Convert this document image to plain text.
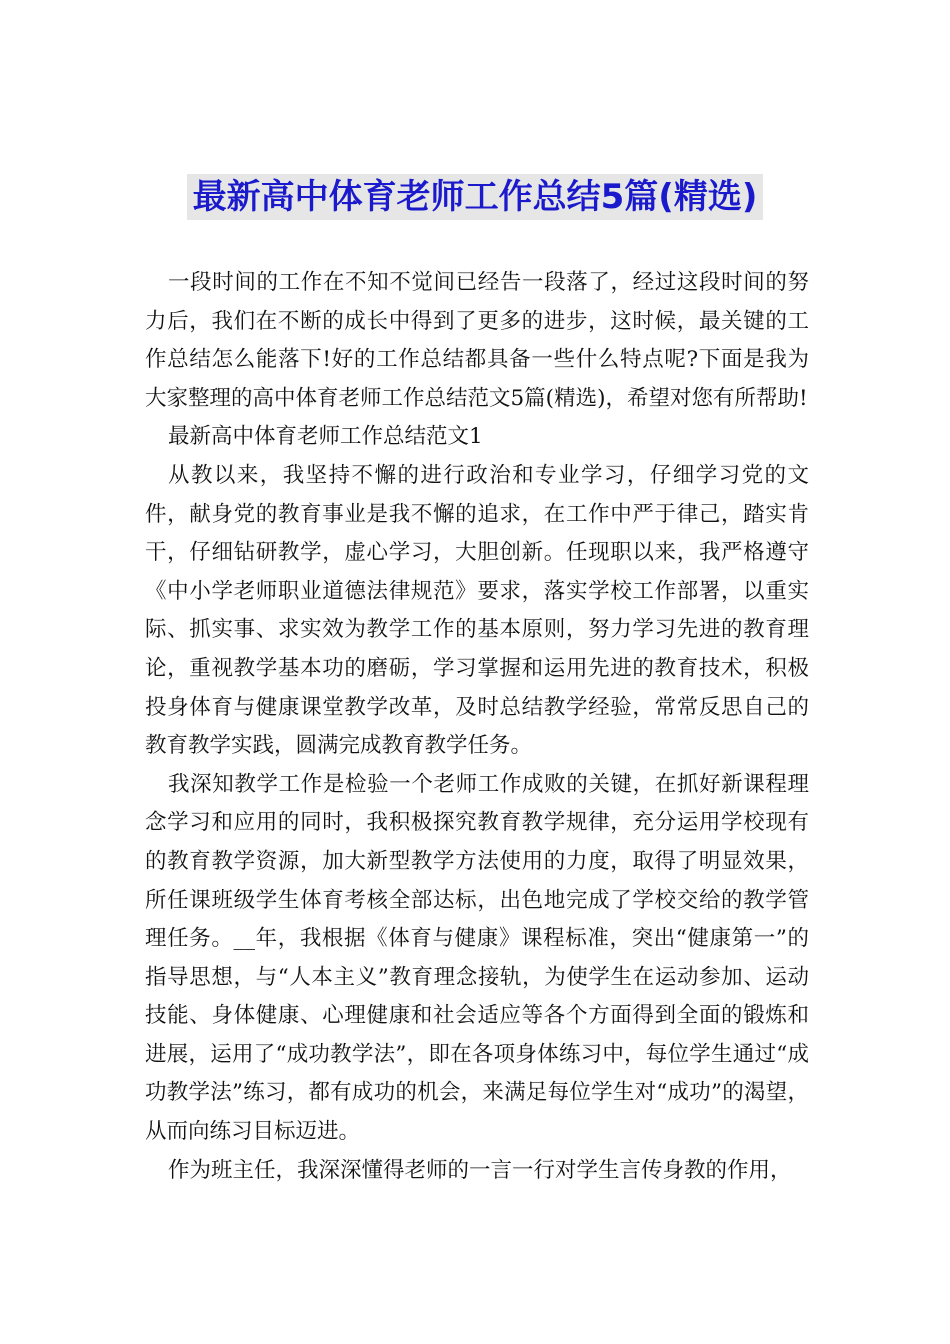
最新高中体育老师工作总结5篇(精选)

一段时间的工作在不知不觉间已经告一段落了，经过这段时间的努力后，我们在不断的成长中得到了更多的进步，这时候，最关键的工作总结怎么能落下!好的工作总结都具备一些什么特点呢?下面是我为大家整理的高中体育老师工作总结范文5篇(精选)，希望对您有所帮助!

最新高中体育老师工作总结范文1

从教以来，我坚持不懈的进行政治和专业学习，仔细学习党的文件，献身党的教育事业是我不懈的追求，在工作中严于律己，踏实肯干，仔细钻研教学，虚心学习，大胆创新。任现职以来，我严格遵守《中小学老师职业道德法律规范》要求，落实学校工作部署，以重实际、抓实事、求实效为教学工作的基本原则，努力学习先进的教育理论，重视教学基本功的磨砺，学习掌握和运用先进的教育技术，积极投身体育与健康课堂教学改革，及时总结教学经验，常常反思自己的教育教学实践，圆满完成教育教学任务。

我深知教学工作是检验一个老师工作成败的关键，在抓好新课程理念学习和应用的同时，我积极探究教育教学规律，充分运用学校现有的教育教学资源，加大新型教学方法使用的力度，取得了明显效果，所任课班级学生体育考核全部达标，出色地完成了学校交给的教学管理任务。__年，我根据《体育与健康》课程标准，突出“健康第一”的指导思想，与“人本主义”教育理念接轨，为使学生在运动参加、运动技能、身体健康、心理健康和社会适应等各个方面得到全面的锻炼和进展，运用了“成功教学法”，即在各项身体练习中，每位学生通过“成功教学法”练习，都有成功的机会，来满足每位学生对“成功”的渴望，从而向练习目标迈进。

作为班主任，我深深懂得老师的一言一行对学生言传身教的作用，
